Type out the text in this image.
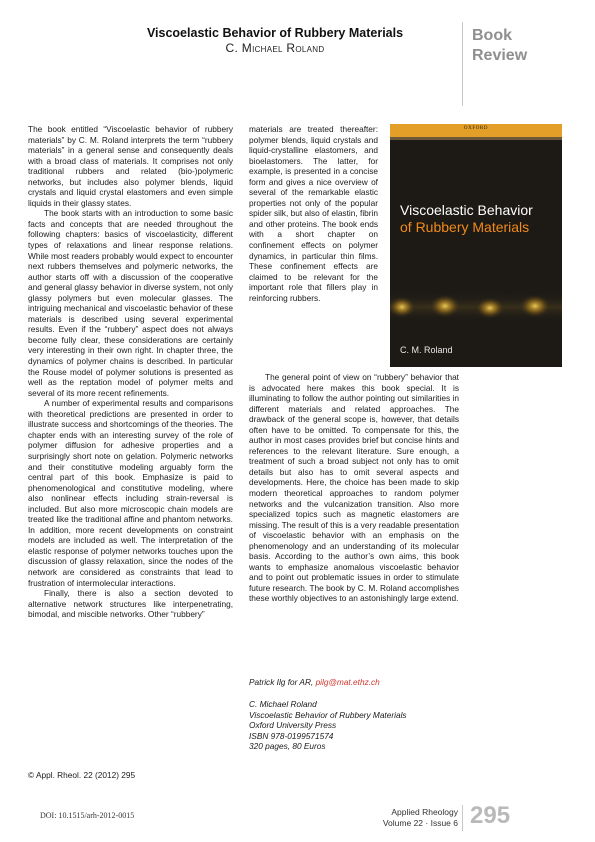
Viscoelastic Behavior of Rubbery Materials
C. Michael Roland
Book
Review

The book entitled “Viscoelastic behavior of rubbery materials” by C. M. Roland interprets the term “rubbery materials” in a general sense and consequently deals with a broad class of materials. It comprises not only traditional rubbers and related (bio-)polymeric networks, but includes also polymer blends, liquid crystals and liquid crystal elastomers and even simple liquids in their glassy states.

The book starts with an introduction to some basic facts and concepts that are needed throughout the following chapters: basics of viscoelasticity, different types of relaxations and linear response relations. While most readers probably would expect to encounter next rubbers themselves and polymeric networks, the author starts off with a discussion of the cooperative and general glassy behavior in diverse system, not only glassy polymers but even molecular glasses. The intriguing mechanical and viscoelastic behavior of these materials is described using several experimental results. Even if the “rubbery” aspect does not always become fully clear, these considerations are certainly very interesting in their own right. In chapter three, the dynamics of polymer chains is described. In particular the Rouse model of polymer solutions is presented as well as the reptation model of polymer melts and several of its more recent refinements.

A number of experimental results and comparisons with theoretical predictions are presented in order to illustrate success and shortcomings of the theories. The chapter ends with an interesting survey of the role of polymer diffusion for adhesive properties and a surprisingly short note on gelation. Polymeric networks and their constitutive modeling arguably form the central part of this book. Emphasize is paid to phenomenological and constitutive modeling, where also nonlinear effects including strain-reversal is included. But also more microscopic chain models are treated like the traditional affine and phantom networks. In addition, more recent developments on constraint models are included as well. The interpretation of the elastic response of polymer networks touches upon the discussion of glassy relaxation, since the nodes of the network are considered as constraints that lead to frustration of intermolecular interactions.

Finally, there is also a section devoted to alternative network structures like interpenetrating, bimodal, and miscible networks. Other “rubbery”

materials are treated thereafter: polymer blends, liquid crystals and liquid-crystalline elastomers, and bioelastomers. The latter, for example, is presented in a concise form and gives a nice overview of several of the remarkable elastic properties not only of the popular spider silk, but also of elastin, fibrin and other proteins. The book ends with a short chapter on confinement effects on polymer dynamics, in particular thin films. These confinement effects are claimed to be relevant for the important role that fillers play in reinforcing rubbers.

OXFORD
Viscoelastic Behavior
of Rubbery Materials
C. M. Roland

The general point of view on “rubbery” behavior that is advocated here makes this book special. It is illuminating to follow the author pointing out similarities in different materials and related approaches. The drawback of the general scope is, however, that details often have to be omitted. To compensate for this, the author in most cases provides brief but concise hints and references to the relevant literature. Sure enough, a treatment of such a broad subject not only has to omit details but also has to omit several aspects and developments. Here, the choice has been made to skip modern theoretical approaches to random polymer networks and the vulcanization transition. Also more specialized topics such as magnetic elastomers are missing. The result of this is a very readable presentation of viscoelastic behavior with an emphasis on the phenomenology and an understanding of its molecular basis. According to the author’s own aims, this book wants to emphasize anomalous viscoelastic behavior and to point out problematic issues in order to stimulate future research. The book by C. M. Roland accomplishes these worthly objectives to an astonishingly large extend.

Patrick Ilg for AR, pilg@mat.ethz.ch
C. Michael Roland
Viscoelastic Behavior of Rubbery Materials
Oxford University Press
ISBN 978-0199571574
320 pages, 80 Euros
© Appl. Rheol. 22 (2012) 295
DOI: 10.1515/arh-2012-0015	Applied Rheology
Volume 22 · Issue 6 295
